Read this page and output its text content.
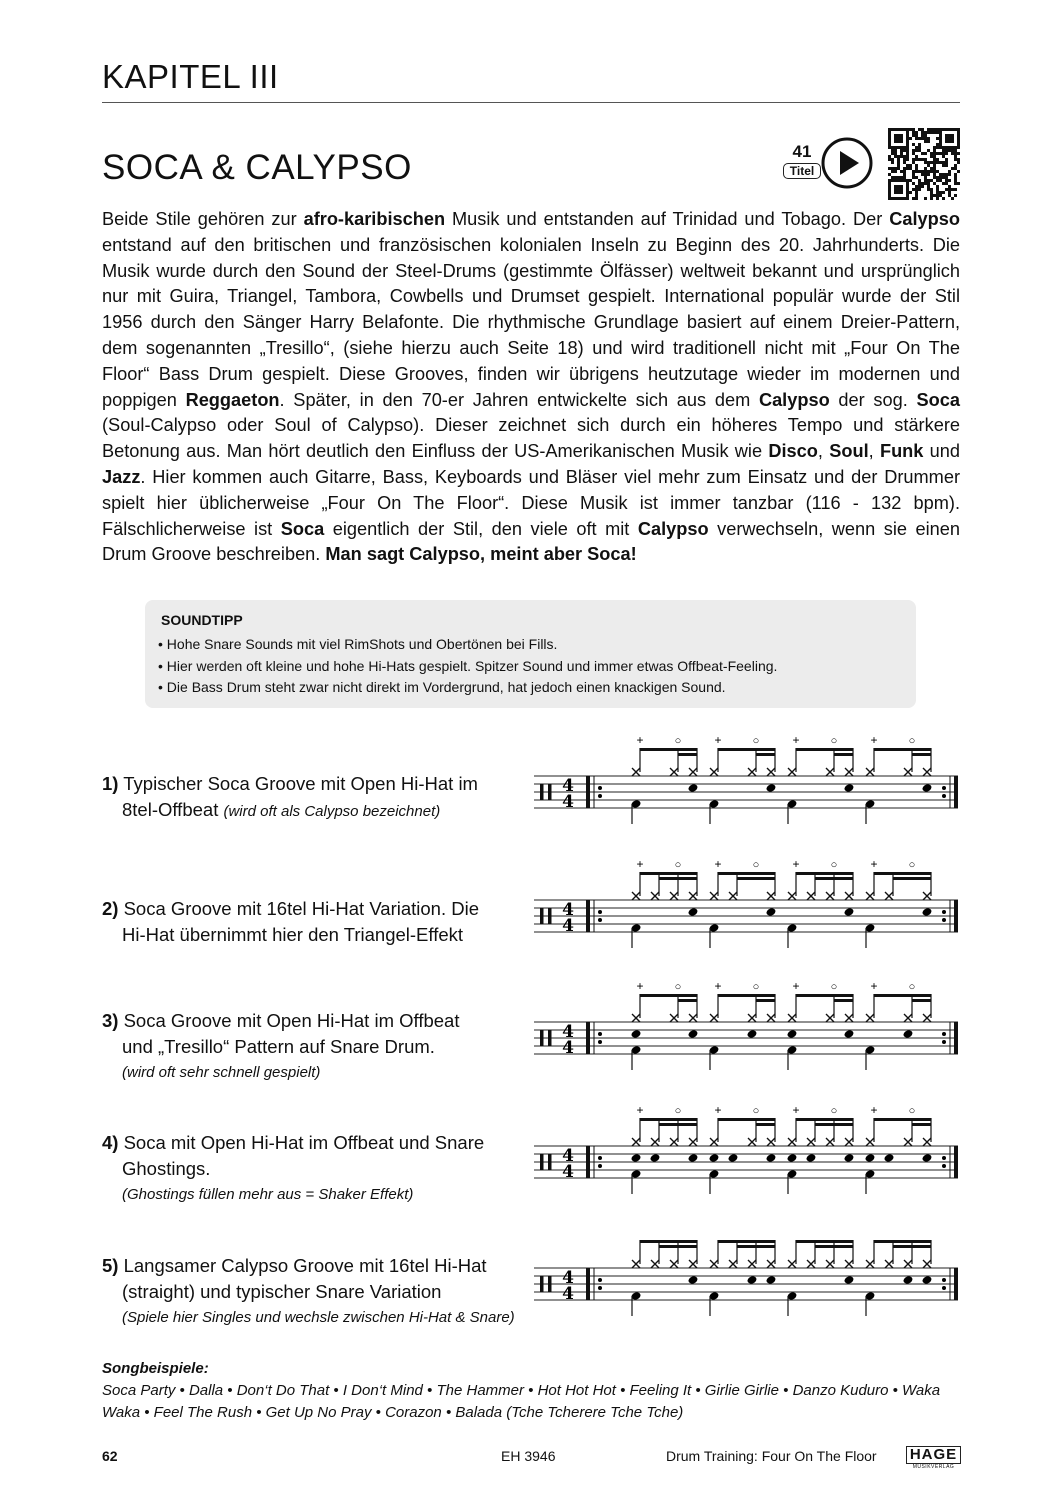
KAPITEL III
SOCA & CALYPSO	41
Titel
Beide Stile gehören zur afro-karibischen Musik und entstanden auf Trinidad und Tobago. Der Calypso entstand auf den britischen und französischen kolonialen Inseln zu Beginn des 20. Jahrhunderts. Die Musik wurde durch den Sound der Steel-Drums (gestimmte Ölfässer) weltweit bekannt und ursprünglich nur mit Guira, Triangel, Tambora, Cowbells und Drumset gespielt. International populär wurde der Stil 1956 durch den Sänger Harry Belafonte. Die rhythmische Grundlage basiert auf einem Dreier-Pattern, dem sogenannten „Tresillo“, (siehe hierzu auch Seite 18) und wird traditionell nicht mit „Four On The Floor“ Bass Drum gespielt. Diese Grooves, finden wir übrigens heutzutage wieder im modernen und poppigen Reggaeton. Später, in den 70-er Jahren entwickelte sich aus dem Calypso der sog. Soca (Soul-Calypso oder Soul of Calypso). Dieser zeichnet sich durch ein höheres Tempo und stärkere Betonung aus. Man hört deutlich den Einfluss der US-Amerikanischen Musik wie Disco, Soul, Funk und Jazz. Hier kommen auch Gitarre, Bass, Keyboards und Bläser viel mehr zum Einsatz und der Drummer spielt hier üblicherweise „Four On The Floor“. Diese Musik ist immer tanzbar (116 - 132 bpm). Fälschlicherweise ist Soca eigentlich der Stil, den viele oft mit Calypso verwechseln, wenn sie einen Drum Groove beschreiben. Man sagt Calypso, meint aber Soca!
SOUNDTIPP
• Hohe Snare Sounds mit viel RimShots und Obertönen bei Fills.
• Hier werden oft kleine und hohe Hi-Hats gespielt. Spitzer Sound und immer etwas Offbeat-Feeling.
• Die Bass Drum steht zwar nicht direkt im Vordergrund, hat jedoch einen knackigen Sound.
1) Typischer Soca Groove mit Open Hi-Hat im
8tel-Offbeat (wird oft als Calypso bezeichnet)
2) Soca Groove mit 16tel Hi-Hat Variation. Die
Hi-Hat übernimmt hier den Triangel-Effekt
3) Soca Groove mit Open Hi-Hat im Offbeat
und „Tresillo“ Pattern auf Snare Drum.
(wird oft sehr schnell gespielt)
4) Soca mit Open Hi-Hat im Offbeat und Snare
Ghostings.
(Ghostings füllen mehr aus = Shaker Effekt)
5) Langsamer Calypso Groove mit 16tel Hi-Hat
(straight) und typischer Snare Variation
(Spiele hier Singles und wechsle zwischen Hi-Hat & Snare)
4
4
+	○	+	○	+	○	+	○
4
4
+	○	+	○	+	○	+	○
4
4
+	○	+	○	+	○	+	○
4
4
+	○	+	○	+	○	+	○
4
4
Songbeispiele:
Soca Party • Dalla • Don‘t Do That • I Don‘t Mind • The Hammer • Hot Hot Hot • Feeling It • Girlie Girlie • Danzo Kuduro • Waka Waka • Feel The Rush • Get Up No Pray • Corazon • Balada (Tche Tcherere Tche Tche)
62	EH 3946	Drum Training: Four On The Floor HAGE
MUSIKVERLAG
